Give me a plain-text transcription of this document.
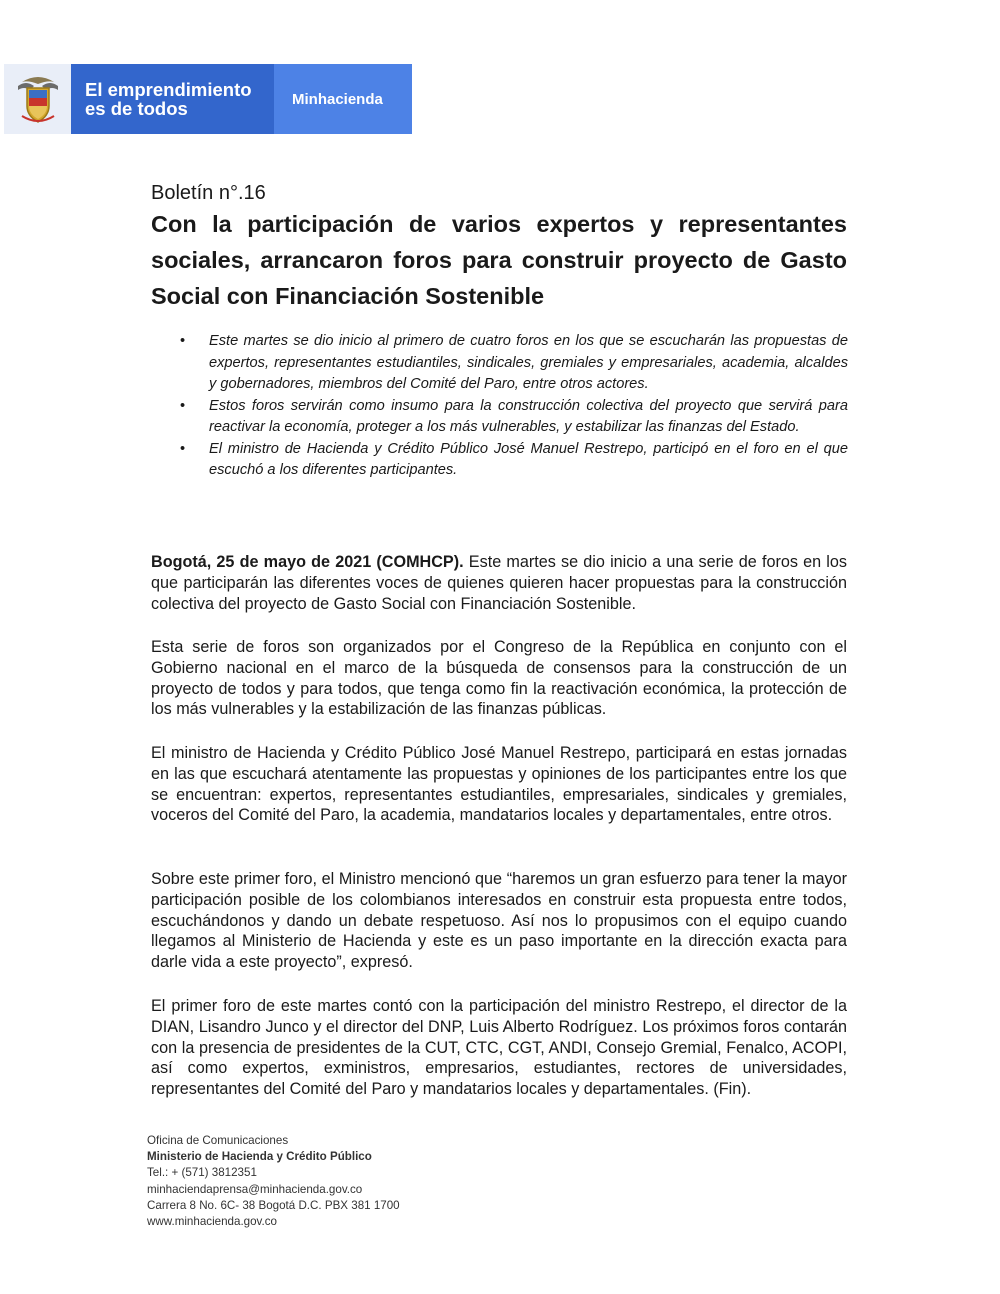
El emprendimiento
es de todos	Minhacienda
Boletín n°.16
Con la participación de varios expertos y representantes sociales, arrancaron foros para construir proyecto de Gasto Social con Financiación Sostenible
• Este martes se dio inicio al primero de cuatro foros en los que se escucharán las propuestas de expertos, representantes estudiantiles, sindicales, gremiales y empresariales, academia, alcaldes y gobernadores, miembros del Comité del Paro, entre otros actores.
• Estos foros servirán como insumo para la construcción colectiva del proyecto que servirá para reactivar la economía, proteger a los más vulnerables, y estabilizar las finanzas del Estado.
• El ministro de Hacienda y Crédito Público José Manuel Restrepo, participó en el foro en el que escuchó a los diferentes participantes.

Bogotá, 25 de mayo de 2021 (COMHCP). Este martes se dio inicio a una serie de foros en los que participarán las diferentes voces de quienes quieren hacer propuestas para la construcción colectiva del proyecto de Gasto Social con Financiación Sostenible.

Esta serie de foros son organizados por el Congreso de la República en conjunto con el Gobierno nacional en el marco de la búsqueda de consensos para la construcción de un proyecto de todos y para todos, que tenga como fin la reactivación económica, la protección de los más vulnerables y la estabilización de las finanzas públicas.

El ministro de Hacienda y Crédito Público José Manuel Restrepo, participará en estas jornadas en las que escuchará atentamente las propuestas y opiniones de los participantes entre los que se encuentran: expertos, representantes estudiantiles, empresariales, sindicales y gremiales, voceros del Comité del Paro, la academia, mandatarios locales y departamentales, entre otros.

Sobre este primer foro, el Ministro mencionó que “haremos un gran esfuerzo para tener la mayor participación posible de los colombianos interesados en construir esta propuesta entre todos, escuchándonos y dando un debate respetuoso. Así nos lo propusimos con el equipo cuando llegamos al Ministerio de Hacienda y este es un paso importante en la dirección exacta para darle vida a este proyecto”, expresó.

El primer foro de este martes contó con la participación del ministro Restrepo, el director de la DIAN, Lisandro Junco y el director del DNP, Luis Alberto Rodríguez. Los próximos foros contarán con la presencia de presidentes de la CUT, CTC, CGT, ANDI, Consejo Gremial, Fenalco, ACOPI, así como expertos, exministros, empresarios, estudiantes, rectores de universidades, representantes del Comité del Paro y mandatarios locales y departamentales. (Fin).

Oficina de Comunicaciones
Ministerio de Hacienda y Crédito Público
Tel.: + (571) 3812351
minhaciendaprensa@minhacienda.gov.co
Carrera 8 No. 6C- 38 Bogotá D.C. PBX 381 1700
www.minhacienda.gov.co
